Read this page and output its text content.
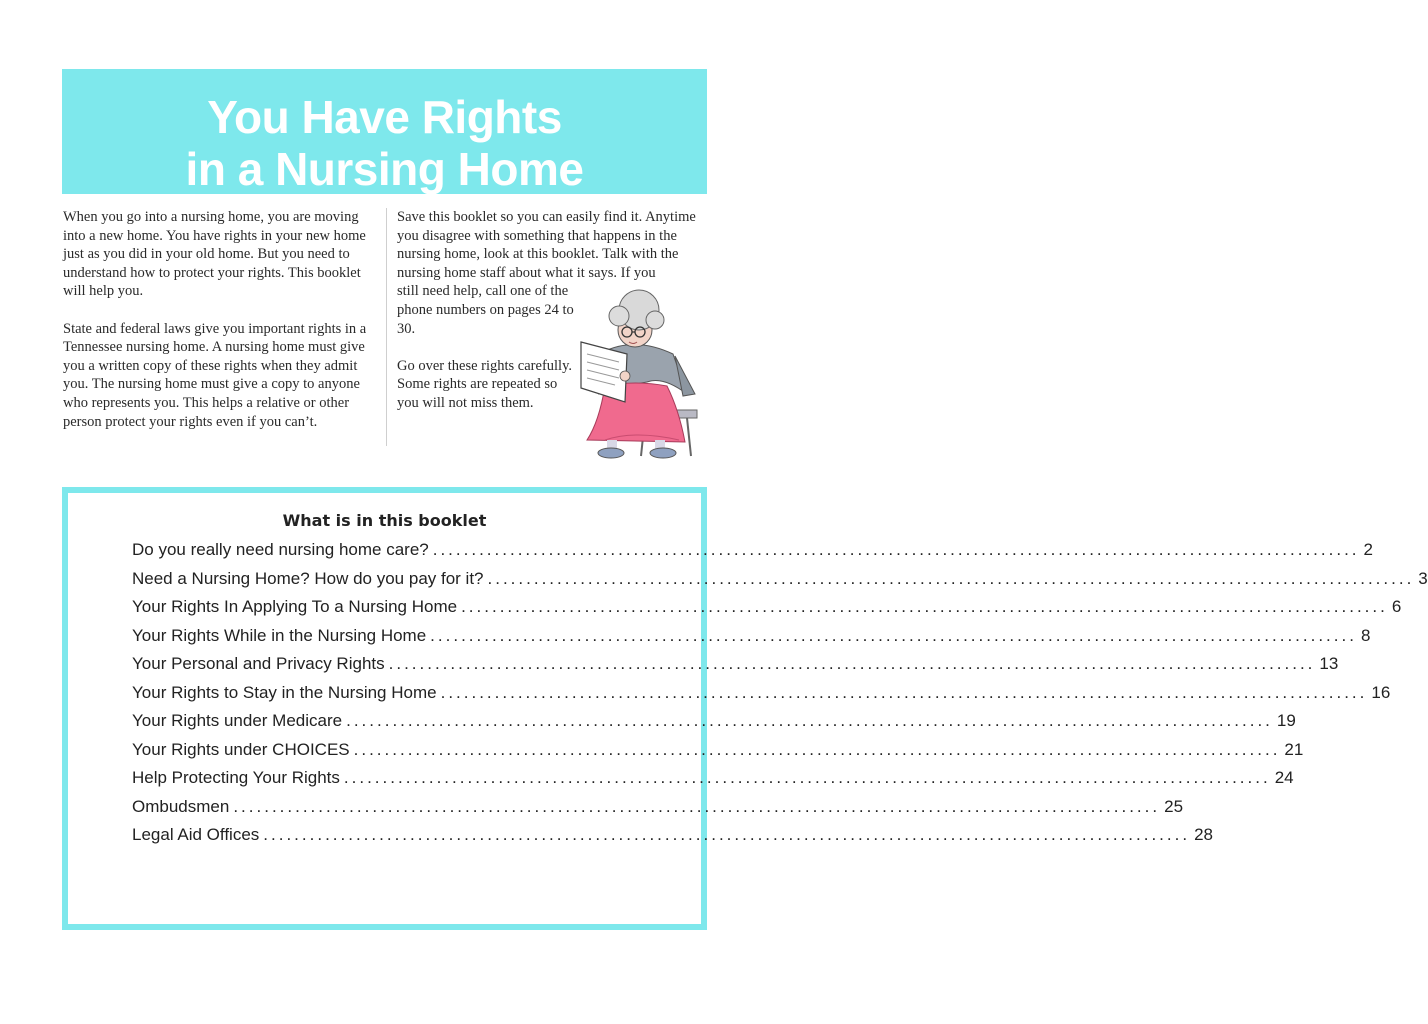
You Have Rights
in a Nursing Home

When you go into a nursing home, you are moving into a new home. You have rights in your new home just as you did in your old home. But you need to understand how to protect your rights. This booklet will help you.

State and federal laws give you important rights in a Tennessee nursing home. A nursing home must give you a written copy of these rights when they admit you. The nursing home must give a copy to anyone who represents you. This helps a relative or other person protect your rights even if you can’t.

Save this booklet so you can easily find it. Anytime you disagree with something that happens in the nursing home, look at this booklet. Talk with the nursing home staff about what it says. If you
still need help, call one of the phone numbers on pages 24 to 30.

Go over these rights carefully. Some rights are repeated so you will not miss them.

What is in this booklet
Do you really need nursing home care? ........................................................................................................................ 2
Need a Nursing Home? How do you pay for it? ........................................................................................................................ 3
Your Rights In Applying To a Nursing Home ........................................................................................................................ 6
Your Rights While in the Nursing Home ........................................................................................................................ 8
Your Personal and Privacy Rights ........................................................................................................................ 13
Your Rights to Stay in the Nursing Home ........................................................................................................................ 16
Your Rights under Medicare ........................................................................................................................ 19
Your Rights under CHOICES ........................................................................................................................ 21
Help Protecting Your Rights ........................................................................................................................ 24
Ombudsmen ........................................................................................................................ 25
Legal Aid Offices ........................................................................................................................ 28
